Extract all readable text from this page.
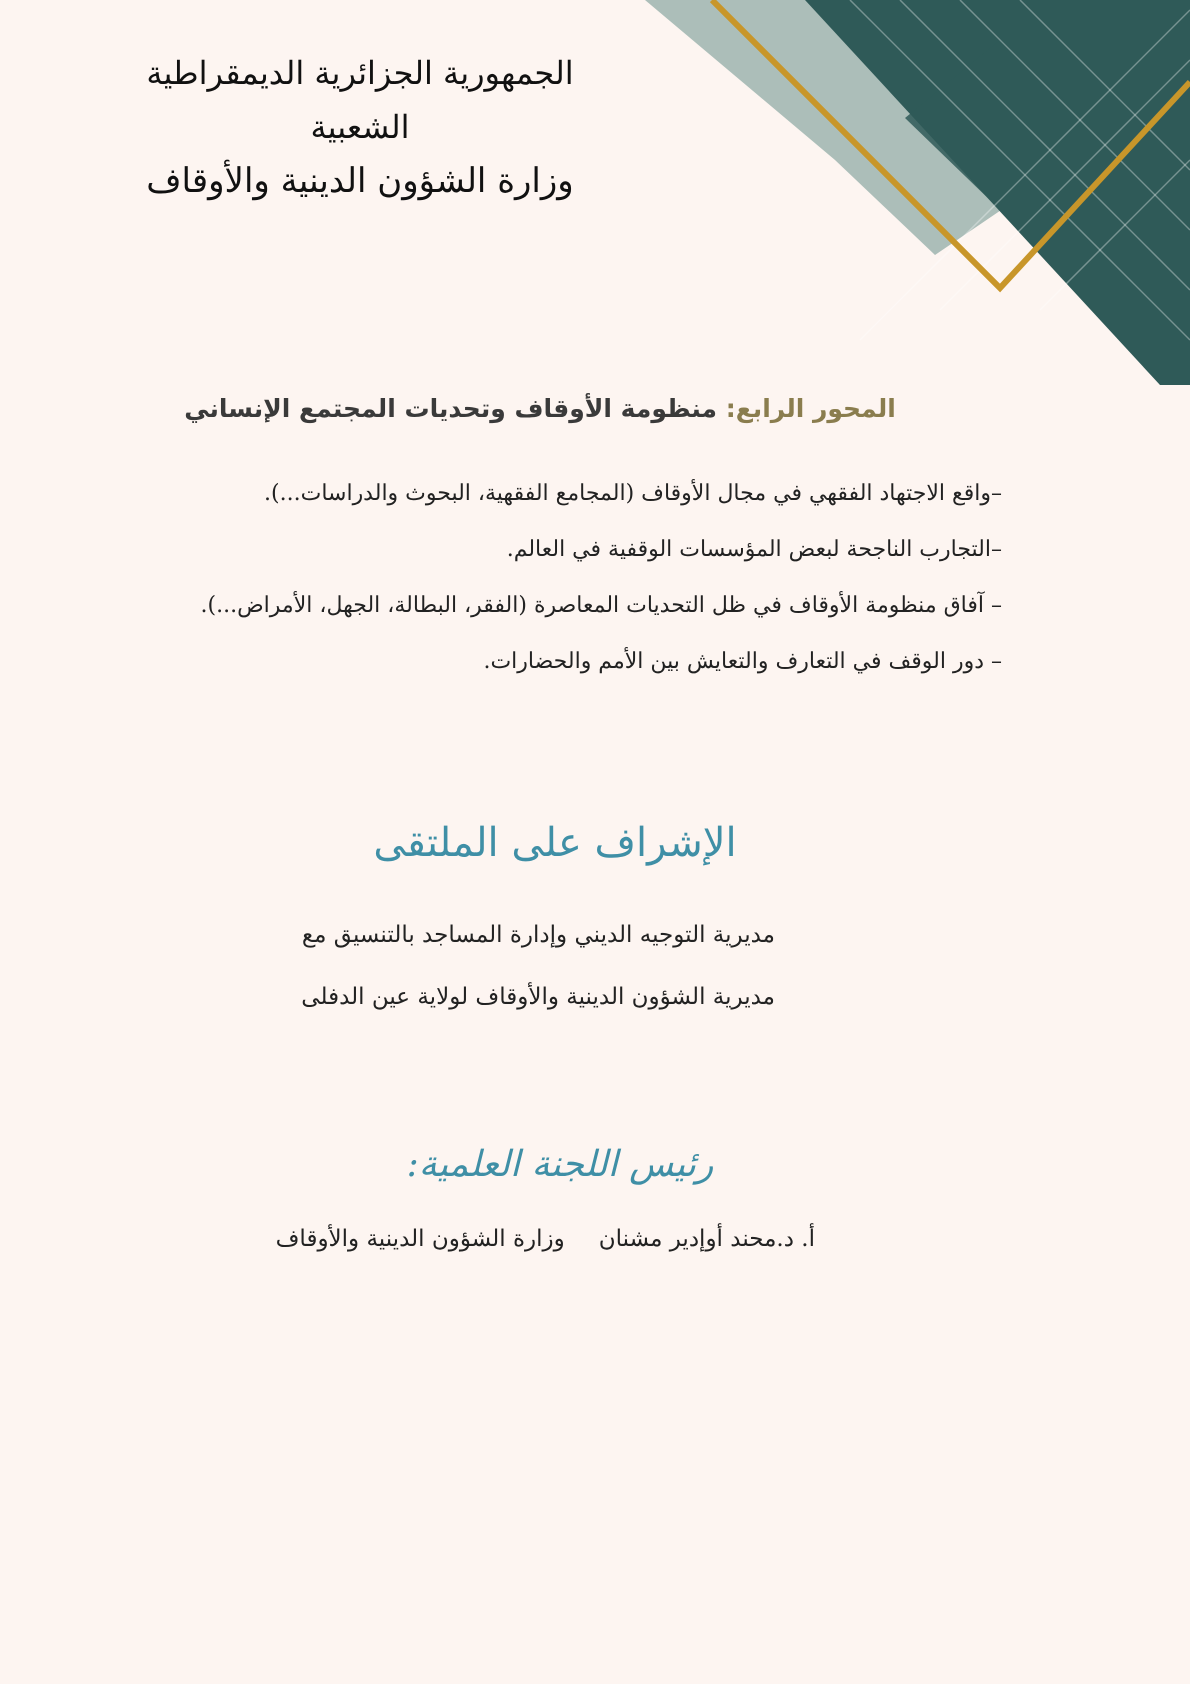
الجمهورية الجزائرية الديمقراطية الشعبية
وزارة الشؤون الدينية والأوقاف
المحور الرابع: منظومة الأوقاف وتحديات المجتمع الإنساني
–واقع الاجتهاد الفقهي في مجال الأوقاف (المجامع الفقهية، البحوث والدراسات...).
–التجارب الناجحة لبعض المؤسسات الوقفية في العالم.
– آفاق منظومة الأوقاف في ظل التحديات المعاصرة (الفقر، البطالة، الجهل، الأمراض...).
– دور الوقف في التعارف والتعايش بين الأمم والحضارات.
الإشراف على الملتقى
مديرية التوجيه الديني وإدارة المساجد بالتنسيق مع
مديرية الشؤون الدينية والأوقاف لولاية عين الدفلى
رئيس اللجنة العلمية:
أ. د.محند أوإدير مشنانوزارة الشؤون الدينية والأوقاف
